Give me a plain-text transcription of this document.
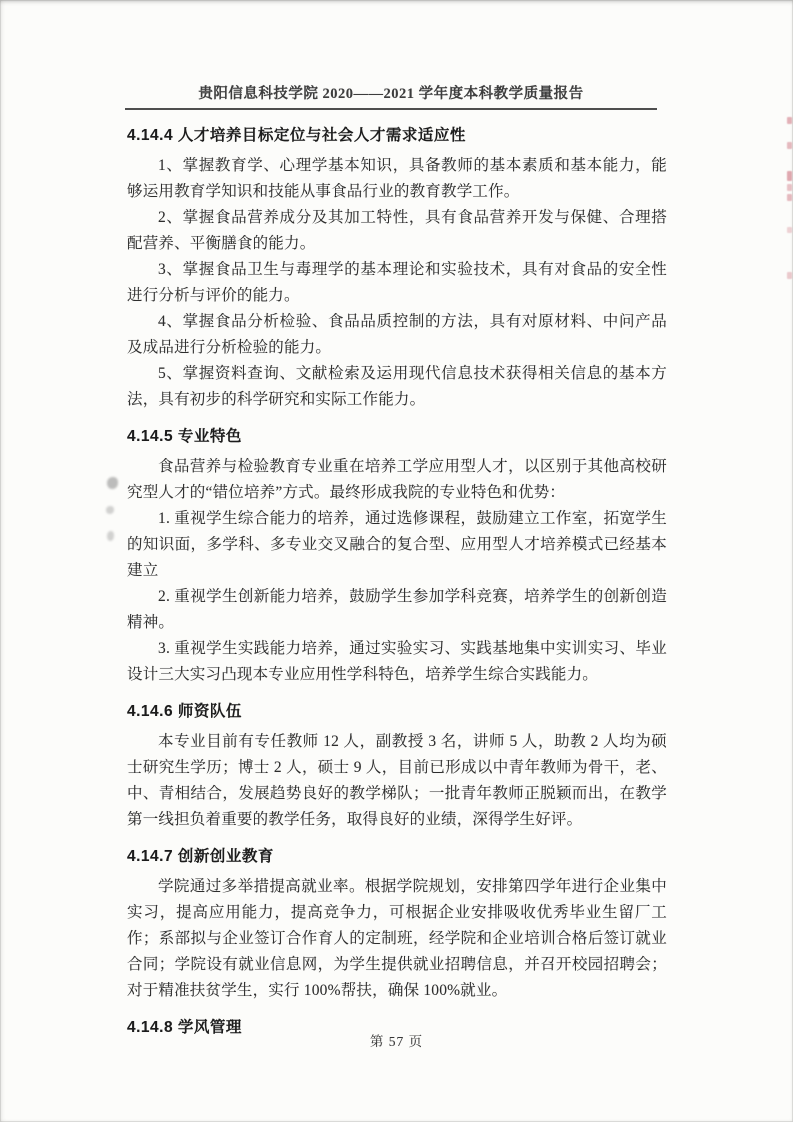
贵阳信息科技学院 2020——2021 学年度本科教学质量报告
4.14.4 人才培养目标定位与社会人才需求适应性

1、掌握教育学、心理学基本知识，具备教师的基本素质和基本能力，能够运用教育学知识和技能从事食品行业的教育教学工作。

2、掌握食品营养成分及其加工特性，具有食品营养开发与保健、合理搭配营养、平衡膳食的能力。

3、掌握食品卫生与毒理学的基本理论和实验技术，具有对食品的安全性进行分析与评价的能力。

4、掌握食品分析检验、食品品质控制的方法，具有对原材料、中问产品及成品进行分析检验的能力。

5、掌握资料查询、文献检索及运用现代信息技术获得相关信息的基本方法，具有初步的科学研究和实际工作能力。

4.14.5 专业特色

食品营养与检验教育专业重在培养工学应用型人才，以区别于其他高校研究型人才的“错位培养”方式。最终形成我院的专业特色和优势：

1. 重视学生综合能力的培养，通过选修课程，鼓励建立工作室，拓宽学生的知识面，多学科、多专业交叉融合的复合型、应用型人才培养模式已经基本建立

2. 重视学生创新能力培养，鼓励学生参加学科竞赛，培养学生的创新创造精神。

3. 重视学生实践能力培养，通过实验实习、实践基地集中实训实习、毕业设计三大实习凸现本专业应用性学科特色，培养学生综合实践能力。

4.14.6 师资队伍

本专业目前有专任教师 12 人，副教授 3 名，讲师 5 人，助教 2 人均为硕士研究生学历；博士 2 人，硕士 9 人，目前已形成以中青年教师为骨干，老、中、青相结合，发展趋势良好的教学梯队；一批青年教师正脱颖而出，在教学第一线担负着重要的教学任务，取得良好的业绩，深得学生好评。

4.14.7 创新创业教育

学院通过多举措提高就业率。根据学院规划，安排第四学年进行企业集中实习，提高应用能力，提高竞争力，可根据企业安排吸收优秀毕业生留厂工作；系部拟与企业签订合作育人的定制班，经学院和企业培训合格后签订就业合同；学院设有就业信息网，为学生提供就业招聘信息，并召开校园招聘会；对于精准扶贫学生，实行 100%帮扶，确保 100%就业。

4.14.8 学风管理
第 57 页
